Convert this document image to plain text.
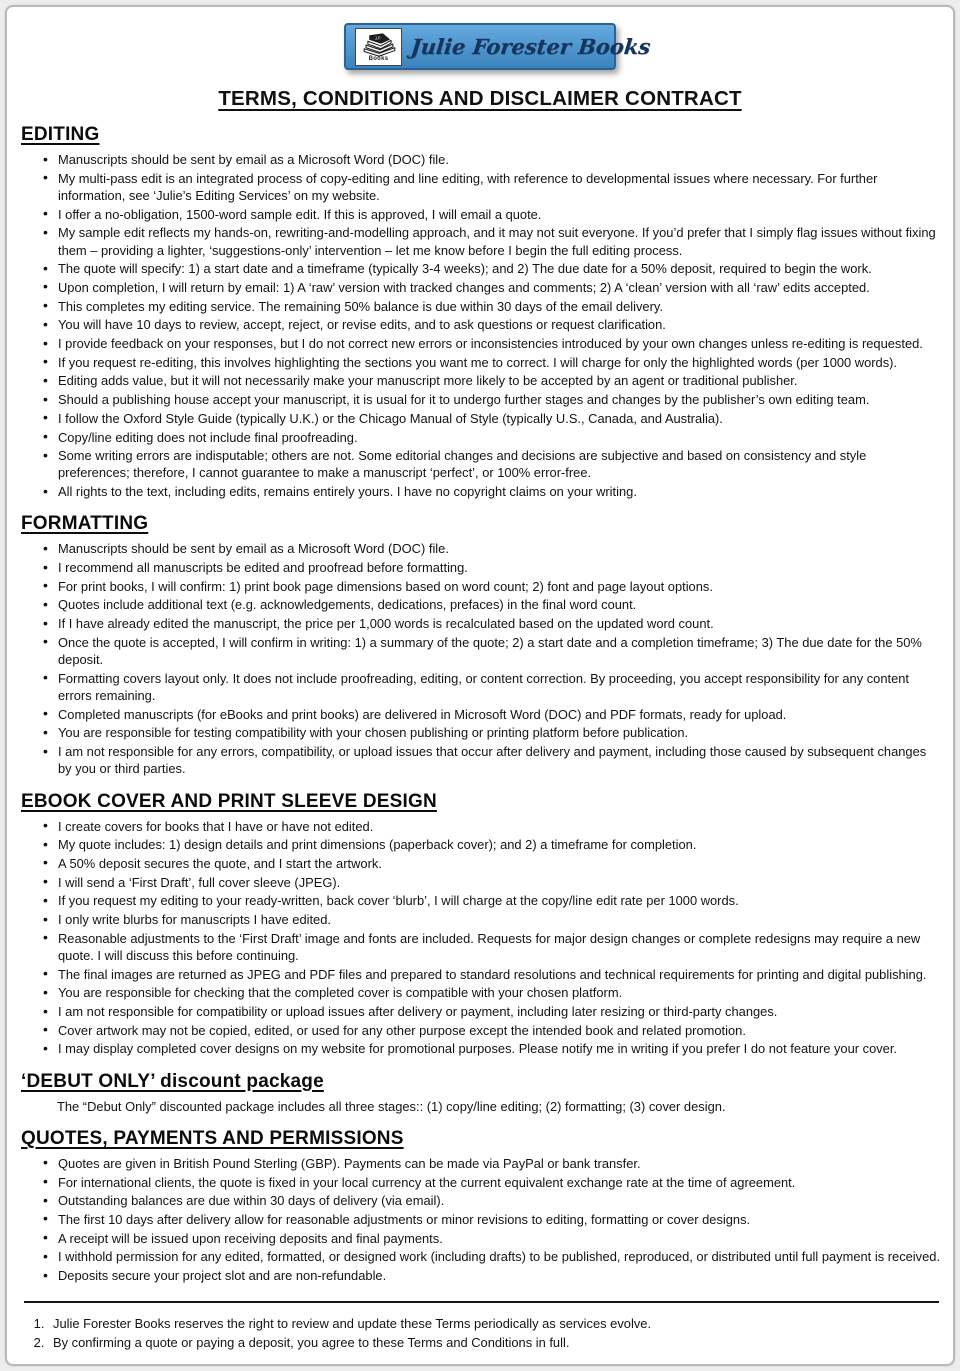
J.F.
Books Julie Forester Books
TERMS, CONDITIONS AND DISCLAIMER CONTRACT
EDITING
• Manuscripts should be sent by email as a Microsoft Word (DOC) file.
• My multi-pass edit is an integrated process of copy-editing and line editing, with reference to developmental issues where necessary. For further information, see ‘Julie’s Editing Services’ on my website.
• I offer a no-obligation, 1500-word sample edit. If this is approved, I will email a quote.
• My sample edit reflects my hands-on, rewriting-and-modelling approach, and it may not suit everyone. If you’d prefer that I simply flag issues without fixing them – providing a lighter, ‘suggestions-only’ intervention – let me know before I begin the full editing process.
• The quote will specify: 1) a start date and a timeframe (typically 3-4 weeks); and 2) The due date for a 50% deposit, required to begin the work.
• Upon completion, I will return by email: 1) A ‘raw’ version with tracked changes and comments; 2) A ‘clean’ version with all ‘raw’ edits accepted.
• This completes my editing service. The remaining 50% balance is due within 30 days of the email delivery.
• You will have 10 days to review, accept, reject, or revise edits, and to ask questions or request clarification.
• I provide feedback on your responses, but I do not correct new errors or inconsistencies introduced by your own changes unless re-editing is requested.
• If you request re-editing, this involves highlighting the sections you want me to correct. I will charge for only the highlighted words (per 1000 words).
• Editing adds value, but it will not necessarily make your manuscript more likely to be accepted by an agent or traditional publisher.
• Should a publishing house accept your manuscript, it is usual for it to undergo further stages and changes by the publisher’s own editing team.
• I follow the Oxford Style Guide (typically U.K.) or the Chicago Manual of Style (typically U.S., Canada, and Australia).
• Copy/line editing does not include final proofreading.
• Some writing errors are indisputable; others are not. Some editorial changes and decisions are subjective and based on consistency and style preferences; therefore, I cannot guarantee to make a manuscript ‘perfect’, or 100% error-free.
• All rights to the text, including edits, remains entirely yours. I have no copyright claims on your writing.
FORMATTING
• Manuscripts should be sent by email as a Microsoft Word (DOC) file.
• I recommend all manuscripts be edited and proofread before formatting.
• For print books, I will confirm: 1) print book page dimensions based on word count; 2) font and page layout options.
• Quotes include additional text (e.g. acknowledgements, dedications, prefaces) in the final word count.
• If I have already edited the manuscript, the price per 1,000 words is recalculated based on the updated word count.
• Once the quote is accepted, I will confirm in writing: 1) a summary of the quote; 2) a start date and a completion timeframe; 3) The due date for the 50% deposit.
• Formatting covers layout only. It does not include proofreading, editing, or content correction. By proceeding, you accept responsibility for any content errors remaining.
• Completed manuscripts (for eBooks and print books) are delivered in Microsoft Word (DOC) and PDF formats, ready for upload.
• You are responsible for testing compatibility with your chosen publishing or printing platform before publication.
• I am not responsible for any errors, compatibility, or upload issues that occur after delivery and payment, including those caused by subsequent changes by you or third parties.
EBOOK COVER AND PRINT SLEEVE DESIGN
• I create covers for books that I have or have not edited.
• My quote includes: 1) design details and print dimensions (paperback cover); and 2) a timeframe for completion.
• A 50% deposit secures the quote, and I start the artwork.
• I will send a ‘First Draft’, full cover sleeve (JPEG).
• If you request my editing to your ready-written, back cover ‘blurb’, I will charge at the copy/line edit rate per 1000 words.
• I only write blurbs for manuscripts I have edited.
• Reasonable adjustments to the ‘First Draft’ image and fonts are included. Requests for major design changes or complete redesigns may require a new quote. I will discuss this before continuing.
• The final images are returned as JPEG and PDF files and prepared to standard resolutions and technical requirements for printing and digital publishing.
• You are responsible for checking that the completed cover is compatible with your chosen platform.
• I am not responsible for compatibility or upload issues after delivery or payment, including later resizing or third-party changes.
• Cover artwork may not be copied, edited, or used for any other purpose except the intended book and related promotion.
• I may display completed cover designs on my website for promotional purposes. Please notify me in writing if you prefer I do not feature your cover.
‘DEBUT ONLY’ discount package

The “Debut Only” discounted package includes all three stages:: (1) copy/line editing; (2) formatting; (3) cover design.

QUOTES, PAYMENTS AND PERMISSIONS
• Quotes are given in British Pound Sterling (GBP). Payments can be made via PayPal or bank transfer.
• For international clients, the quote is fixed in your local currency at the current equivalent exchange rate at the time of agreement.
• Outstanding balances are due within 30 days of delivery (via email).
• The first 10 days after delivery allow for reasonable adjustments or minor revisions to editing, formatting or cover designs.
• A receipt will be issued upon receiving deposits and final payments.
• I withhold permission for any edited, formatted, or designed work (including drafts) to be published, reproduced, or distributed until full payment is received.
• Deposits secure your project slot and are non-refundable.
1. Julie Forester Books reserves the right to review and update these Terms periodically as services evolve.
2. By confirming a quote or paying a deposit, you agree to these Terms and Conditions in full.
